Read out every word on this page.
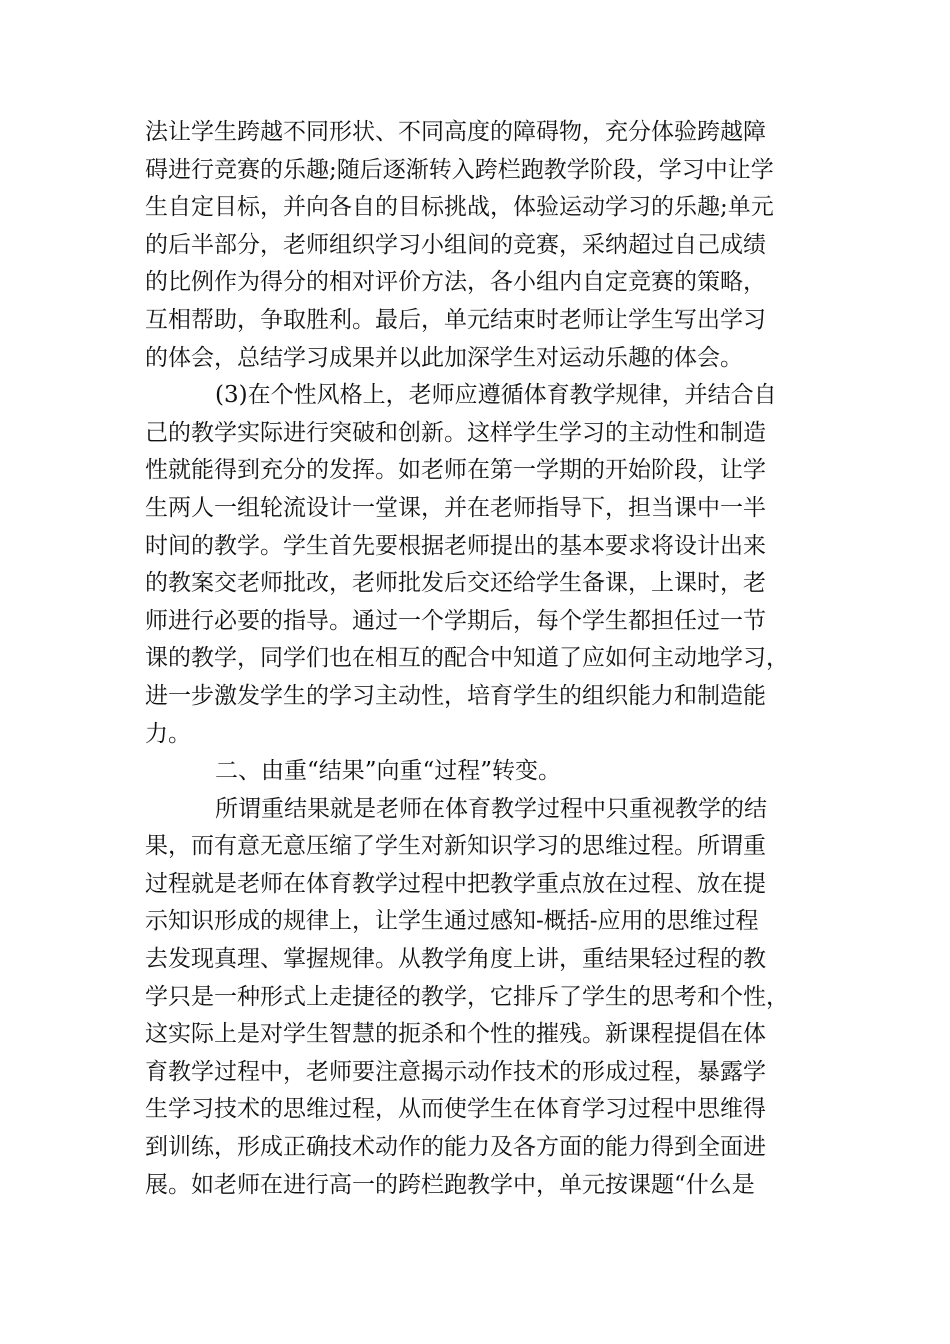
法让学生跨越不同形状、不同高度的障碍物，充分体验跨越障
碍进行竞赛的乐趣;随后逐渐转入跨栏跑教学阶段，学习中让学
生自定目标，并向各自的目标挑战，体验运动学习的乐趣;单元
的后半部分，老师组织学习小组间的竞赛，采纳超过自己成绩
的比例作为得分的相对评价方法，各小组内自定竞赛的策略，
互相帮助，争取胜利。最后，单元结束时老师让学生写出学习
的体会，总结学习成果并以此加深学生对运动乐趣的体会。
(3)在个性风格上，老师应遵循体育教学规律，并结合自
己的教学实际进行突破和创新。这样学生学习的主动性和制造
性就能得到充分的发挥。如老师在第一学期的开始阶段，让学
生两人一组轮流设计一堂课，并在老师指导下，担当课中一半
时间的教学。学生首先要根据老师提出的基本要求将设计出来
的教案交老师批改，老师批发后交还给学生备课，上课时，老
师进行必要的指导。通过一个学期后，每个学生都担任过一节
课的教学，同学们也在相互的配合中知道了应如何主动地学习，
进一步激发学生的学习主动性，培育学生的组织能力和制造能
力。
二、由重“结果”向重“过程”转变。
所谓重结果就是老师在体育教学过程中只重视教学的结
果，而有意无意压缩了学生对新知识学习的思维过程。所谓重
过程就是老师在体育教学过程中把教学重点放在过程、放在提
示知识形成的规律上，让学生通过感知-概括-应用的思维过程
去发现真理、掌握规律。从教学角度上讲，重结果轻过程的教
学只是一种形式上走捷径的教学，它排斥了学生的思考和个性，
这实际上是对学生智慧的扼杀和个性的摧残。新课程提倡在体
育教学过程中，老师要注意揭示动作技术的形成过程，暴露学
生学习技术的思维过程，从而使学生在体育学习过程中思维得
到训练，形成正确技术动作的能力及各方面的能力得到全面进
展。如老师在进行高一的跨栏跑教学中，单元按课题“什么是
